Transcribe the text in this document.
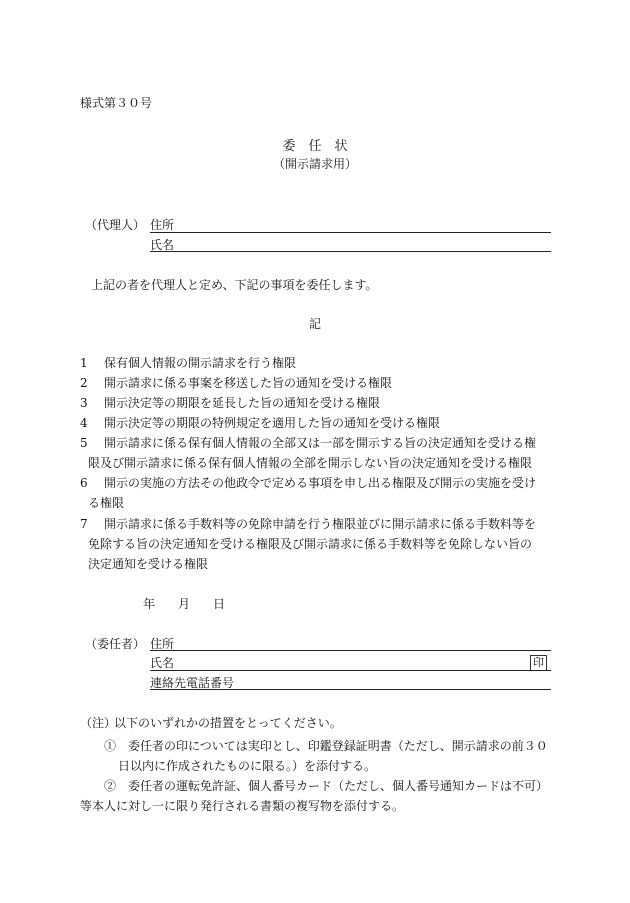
様式第３０号
委　任　状
（開示請求用）
（代理人） 住所
氏名
上記の者を代理人と定め、下記の事項を委任します。
記
1 保有個人情報の開示請求を行う権限
2 開示請求に係る事案を移送した旨の通知を受ける権限
3 開示決定等の期限を延長した旨の通知を受ける権限
4 開示決定等の期限の特例規定を適用した旨の通知を受ける権限
5 開示請求に係る保有個人情報の全部又は一部を開示する旨の決定通知を受ける権
限及び開示請求に係る保有個人情報の全部を開示しない旨の決定通知を受ける権限
6 開示の実施の方法その他政令で定める事項を申し出る権限及び開示の実施を受け
る権限
7 開示請求に係る手数料等の免除申請を行う権限並びに開示請求に係る手数料等を
免除する旨の決定通知を受ける権限及び開示請求に係る手数料等を免除しない旨の
決定通知を受ける権限
年 月 日
（委任者） 住所
氏名	印
連絡先電話番号
（注）
以下のいずれかの措置をとってください。
①　委任者の印については実印とし、印鑑登録証明書（ただし、開示請求の前３０
日以内に作成されたものに限る。）を添付する。
②　委任者の運転免許証、個人番号カード（ただし、個人番号通知カードは不可）
等本人に対し一に限り発行される書類の複写物を添付する。
